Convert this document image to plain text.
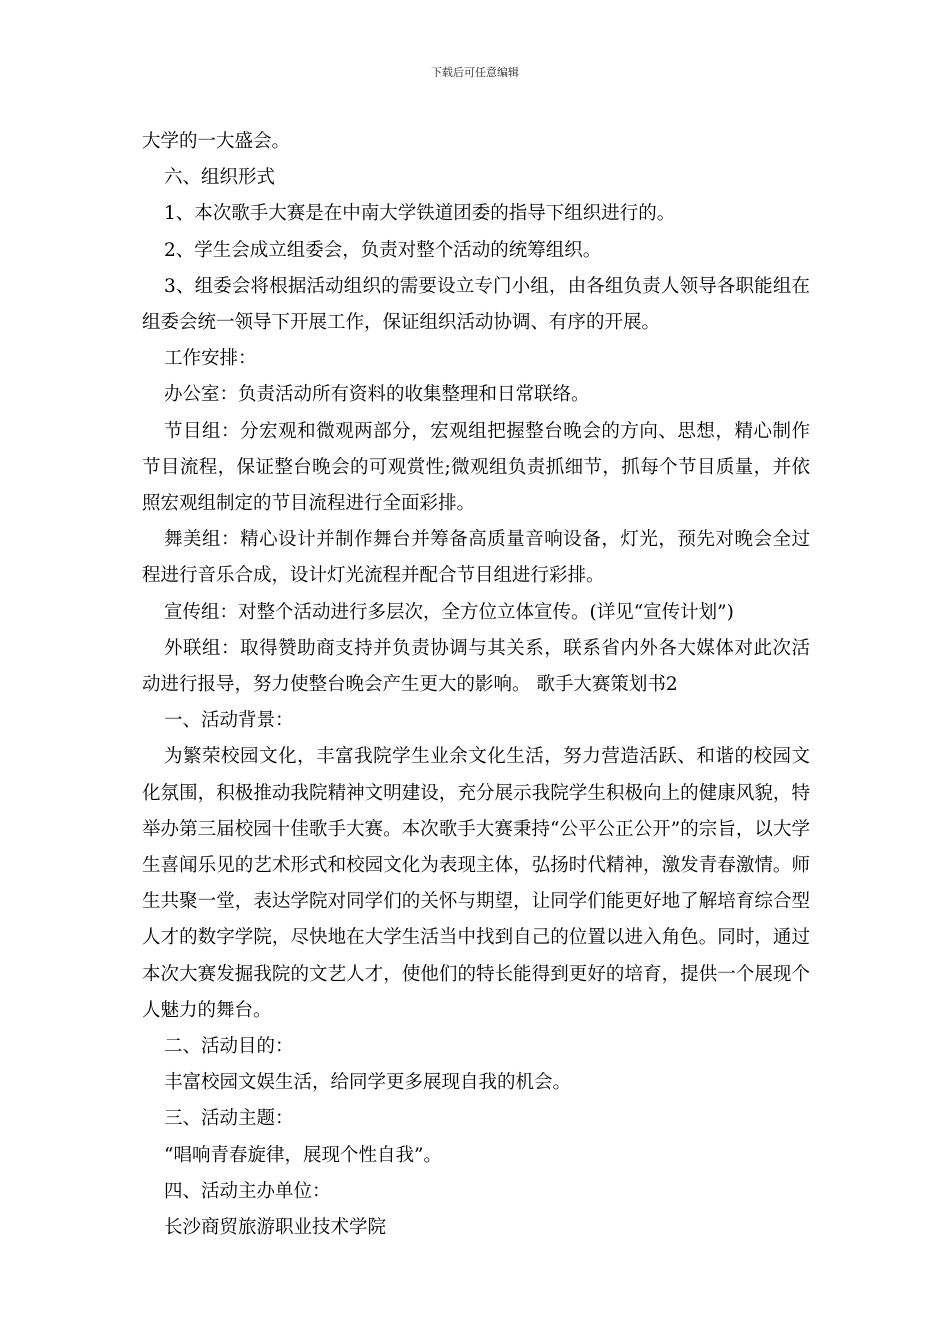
下载后可任意编辑

大学的一大盛会。

六、组织形式

1、本次歌手大赛是在中南大学铁道团委的指导下组织进行的。

2、学生会成立组委会，负责对整个活动的统筹组织。

3、组委会将根据活动组织的需要设立专门小组，由各组负责人领导各职能组在组委会统一领导下开展工作，保证组织活动协调、有序的开展。

工作安排：

办公室：负责活动所有资料的收集整理和日常联络。

节目组：分宏观和微观两部分，宏观组把握整台晚会的方向、思想，精心制作节目流程，保证整台晚会的可观赏性;微观组负责抓细节，抓每个节目质量，并依照宏观组制定的节目流程进行全面彩排。

舞美组：精心设计并制作舞台并筹备高质量音响设备，灯光，预先对晚会全过程进行音乐合成，设计灯光流程并配合节目组进行彩排。

宣传组：对整个活动进行多层次，全方位立体宣传。(详见“宣传计划”)

外联组：取得赞助商支持并负责协调与其关系，联系省内外各大媒体对此次活动进行报导，努力使整台晚会产生更大的影响。 歌手大赛策划书2

一、活动背景：

为繁荣校园文化，丰富我院学生业余文化生活，努力营造活跃、和谐的校园文化氛围，积极推动我院精神文明建设，充分展示我院学生积极向上的健康风貌，特举办第三届校园十佳歌手大赛。本次歌手大赛秉持“公平公正公开”的宗旨，以大学生喜闻乐见的艺术形式和校园文化为表现主体，弘扬时代精神，激发青春激情。师生共聚一堂，表达学院对同学们的关怀与期望，让同学们能更好地了解培育综合型人才的数字学院，尽快地在大学生活当中找到自己的位置以进入角色。同时，通过本次大赛发掘我院的文艺人才，使他们的特长能得到更好的培育，提供一个展现个人魅力的舞台。

二、活动目的：

丰富校园文娱生活，给同学更多展现自我的机会。

三、活动主题：

“唱响青春旋律，展现个性自我”。

四、活动主办单位：

长沙商贸旅游职业技术学院
